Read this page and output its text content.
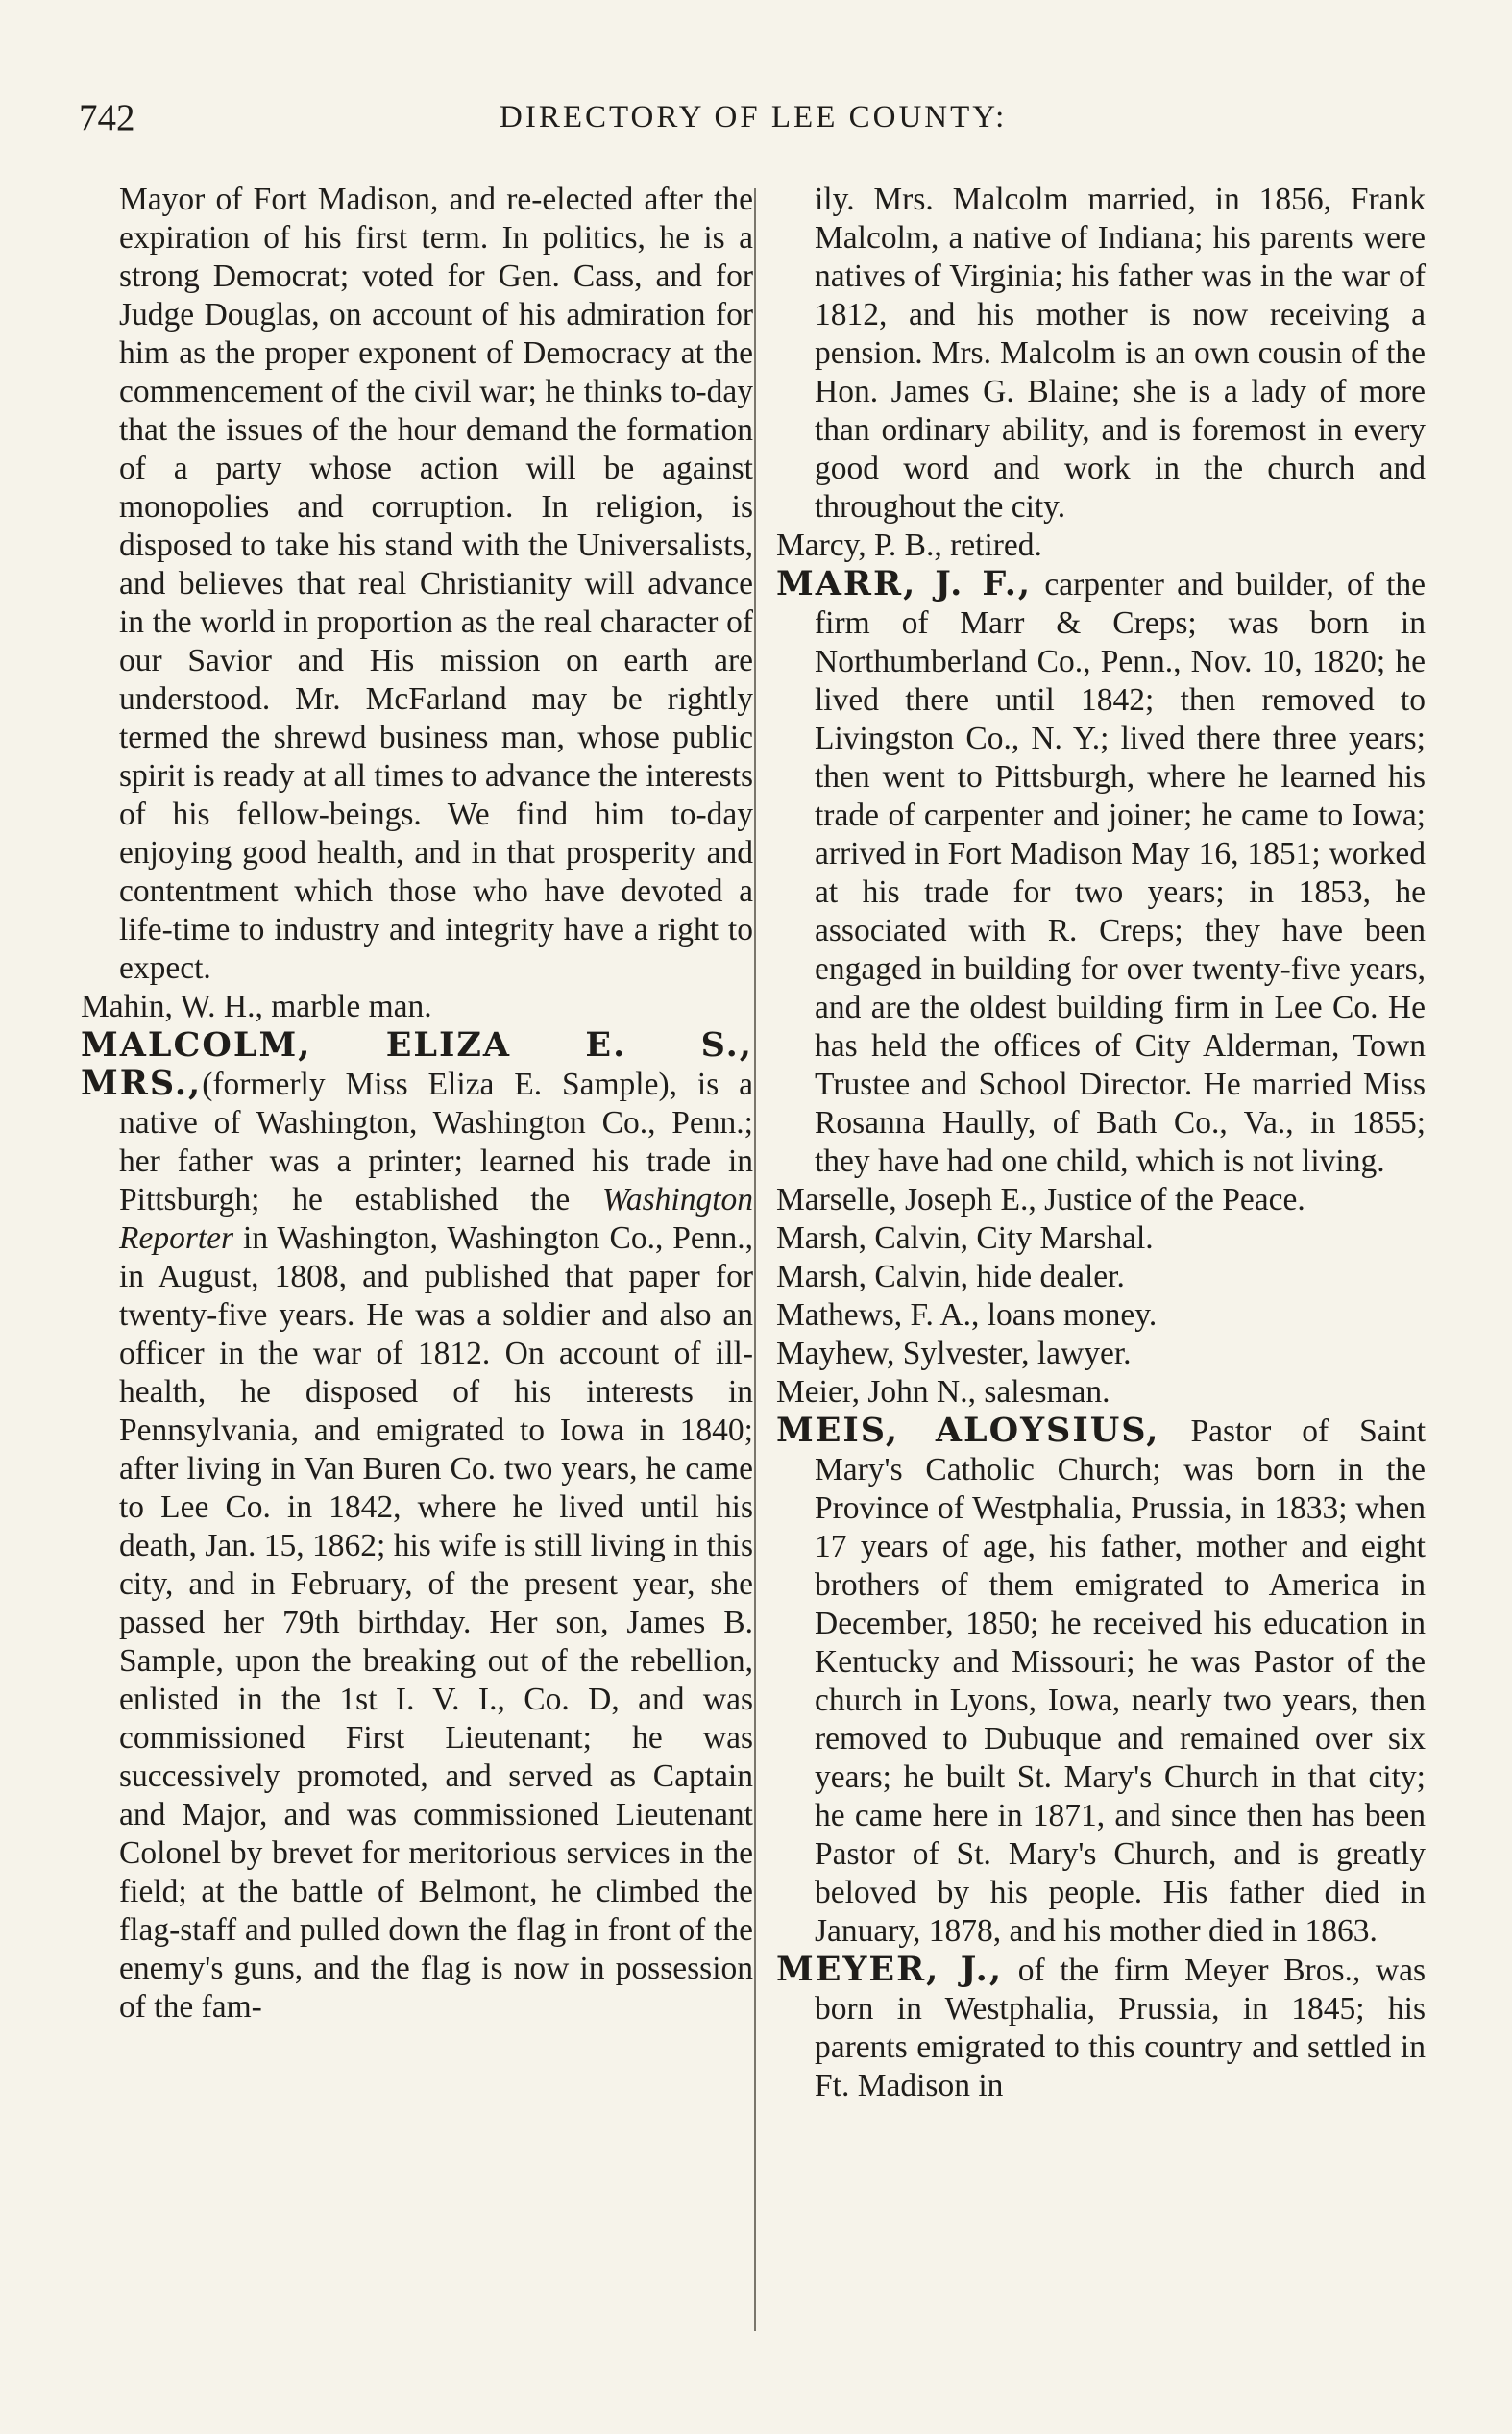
742	DIRECTORY OF LEE COUNTY:

Mayor of Fort Madison, and re-elected after the expiration of his first term. In politics, he is a strong Democrat; voted for Gen. Cass, and for Judge Douglas, on account of his admiration for him as the proper exponent of Democracy at the commencement of the civil war; he thinks to-day that the issues of the hour demand the formation of a party whose action will be against monopolies and corruption. In religion, is disposed to take his stand with the Universalists, and believes that real Christianity will advance in the world in proportion as the real character of our Savior and His mission on earth are understood. Mr. McFarland may be rightly termed the shrewd business man, whose public spirit is ready at all times to advance the interests of his fellow-beings. We find him to-day enjoying good health, and in that prosperity and contentment which those who have devoted a life-time to industry and integrity have a right to expect.

Mahin, W. H., marble man.

MALCOLM, ELIZA E. S.,

MRS.,(formerly Miss Eliza E. Sample), is a native of Washington, Washington Co., Penn.; her father was a printer; learned his trade in Pittsburgh; he established the Washington Reporter in Washington, Washington Co., Penn., in August, 1808, and published that paper for twenty-five years. He was a soldier and also an officer in the war of 1812. On account of ill-health, he disposed of his interests in Pennsylvania, and emigrated to Iowa in 1840; after living in Van Buren Co. two years, he came to Lee Co. in 1842, where he lived until his death, Jan. 15, 1862; his wife is still living in this city, and in February, of the present year, she passed her 79th birthday. Her son, James B. Sample, upon the breaking out of the rebellion, enlisted in the 1st I. V. I., Co. D, and was commissioned First Lieutenant; he was successively promoted, and served as Captain and Major, and was commissioned Lieutenant Colonel by brevet for meritorious services in the field; at the battle of Belmont, he climbed the flag-staff and pulled down the flag in front of the enemy's guns, and the flag is now in possession of the fam-

ily. Mrs. Malcolm married, in 1856, Frank Malcolm, a native of Indiana; his parents were natives of Virginia; his father was in the war of 1812, and his mother is now receiving a pension. Mrs. Malcolm is an own cousin of the Hon. James G. Blaine; she is a lady of more than ordinary ability, and is foremost in every good word and work in the church and throughout the city.

Marcy, P. B., retired.

MARR, J. F., carpenter and builder, of the firm of Marr & Creps; was born in Northumberland Co., Penn., Nov. 10, 1820; he lived there until 1842; then removed to Livingston Co., N. Y.; lived there three years; then went to Pittsburgh, where he learned his trade of carpenter and joiner; he came to Iowa; arrived in Fort Madison May 16, 1851; worked at his trade for two years; in 1853, he associated with R. Creps; they have been engaged in building for over twenty-five years, and are the oldest building firm in Lee Co. He has held the offices of City Alderman, Town Trustee and School Director. He married Miss Rosanna Haully, of Bath Co., Va., in 1855; they have had one child, which is not living.

Marselle, Joseph E., Justice of the Peace.

Marsh, Calvin, City Marshal.

Marsh, Calvin, hide dealer.

Mathews, F. A., loans money.

Mayhew, Sylvester, lawyer.

Meier, John N., salesman.

MEIS, ALOYSIUS, Pastor of Saint Mary's Catholic Church; was born in the Province of Westphalia, Prussia, in 1833; when 17 years of age, his father, mother and eight brothers of them emigrated to America in December, 1850; he received his education in Kentucky and Missouri; he was Pastor of the church in Lyons, Iowa, nearly two years, then removed to Dubuque and remained over six years; he built St. Mary's Church in that city; he came here in 1871, and since then has been Pastor of St. Mary's Church, and is greatly beloved by his people. His father died in January, 1878, and his mother died in 1863.

MEYER, J., of the firm Meyer Bros., was born in Westphalia, Prussia, in 1845; his parents emigrated to this country and settled in Ft. Madison in
